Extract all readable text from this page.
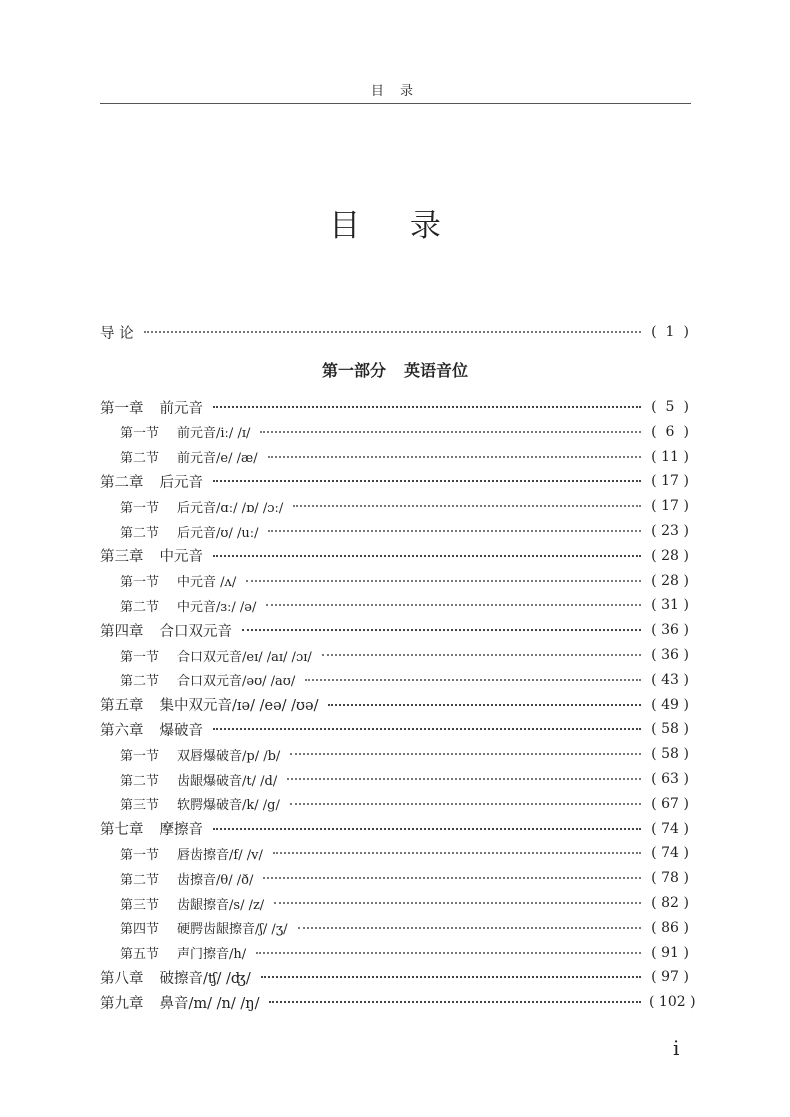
目 录
目 录
导 论	( 1 )
第一部分 英语音位
第一章 前元音	( 5 )
第一节 前元音/iː/ /ɪ/	( 6 )
第二节 前元音/e/ /æ/	( 11 )
第二章 后元音	( 17 )
第一节 后元音/ɑː/ /ɒ/ /ɔː/	( 17 )
第二节 后元音/ʊ/ /uː/	( 23 )
第三章 中元音	( 28 )
第一节 中元音 /ʌ/	( 28 )
第二节 中元音/ɜː/ /ə/	( 31 )
第四章 合口双元音	( 36 )
第一节 合口双元音/eɪ/ /aɪ/ /ɔɪ/	( 36 )
第二节 合口双元音/əʊ/ /aʊ/	( 43 )
第五章 集中双元音/ɪə/ /eə/ /ʊə/	( 49 )
第六章 爆破音	( 58 )
第一节 双唇爆破音/p/ /b/	( 58 )
第二节 齿龈爆破音/t/ /d/	( 63 )
第三节 软腭爆破音/k/ /g/	( 67 )
第七章 摩擦音	( 74 )
第一节 唇齿擦音/f/ /v/	( 74 )
第二节 齿擦音/θ/ /ð/	( 78 )
第三节 齿龈擦音/s/ /z/	( 82 )
第四节 硬腭齿龈擦音/ʃ/ /ʒ/	( 86 )
第五节 声门擦音/h/	( 91 )
第八章 破擦音/ʧ/ /ʤ/	( 97 )
第九章 鼻音/m/ /n/ /ŋ/	( 102 )
i
